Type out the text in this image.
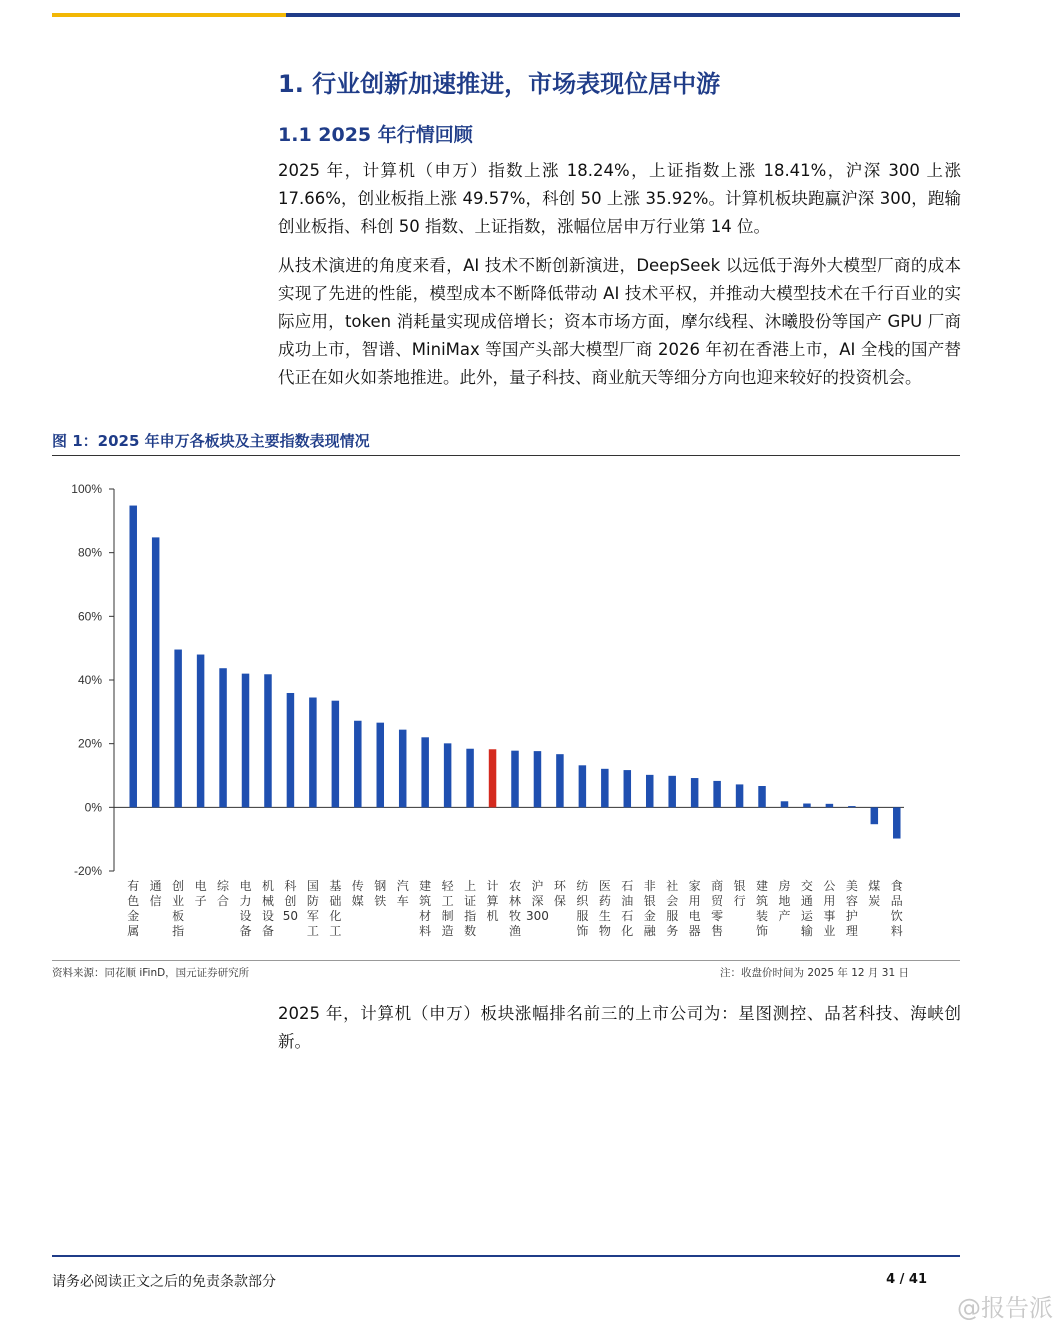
1. 行业创新加速推进，市场表现位居中游
1.1 2025 年行情回顾

2025 年，计算机（申万）指数上涨 18.24%，上证指数上涨 18.41%，沪深 300 上涨 17.66%，创业板指上涨 49.57%，科创 50 上涨 35.92%。计算机板块跑赢沪深 300，跑输创业板指、科创 50 指数、上证指数，涨幅位居申万行业第 14 位。

从技术演进的角度来看，AI 技术不断创新演进，DeepSeek 以远低于海外大模型厂商的成本实现了先进的性能，模型成本不断降低带动 AI 技术平权，并推动大模型技术在千行百业的实际应用，token 消耗量实现成倍增长；资本市场方面，摩尔线程、沐曦股份等国产 GPU 厂商成功上市，智谱、MiniMax 等国产头部大模型厂商 2026 年初在香港上市，AI 全栈的国产替代正在如火如荼地推进。此外，量子科技、商业航天等细分方向也迎来较好的投资机会。

图 1：2025 年申万各板块及主要指数表现情况
-20%
0%
20%
40%
60%
80%
100%
有色金属
通信
创业板指
电子
综合
电力设备
机械设备
科创 50
国防军工
基础化工
传媒
钢铁
汽车
建筑材料
轻工制造
上证指数
计算机
农林牧渔
沪深 300
环保
纺织服饰
医药生物
石油石化
非银金融
社会服务
家用电器
商贸零售
银行
建筑装饰
房地产
交通运输
公用事业
美容护理
煤炭
食品饮料
资料来源：同花顺 iFinD，国元证券研究所	注：收盘价时间为 2025 年 12 月 31 日

2025 年，计算机（申万）板块涨幅排名前三的上市公司为：星图测控、品茗科技、海峡创新。

请务必阅读正文之后的免责条款部分	4 / 41
@报告派
